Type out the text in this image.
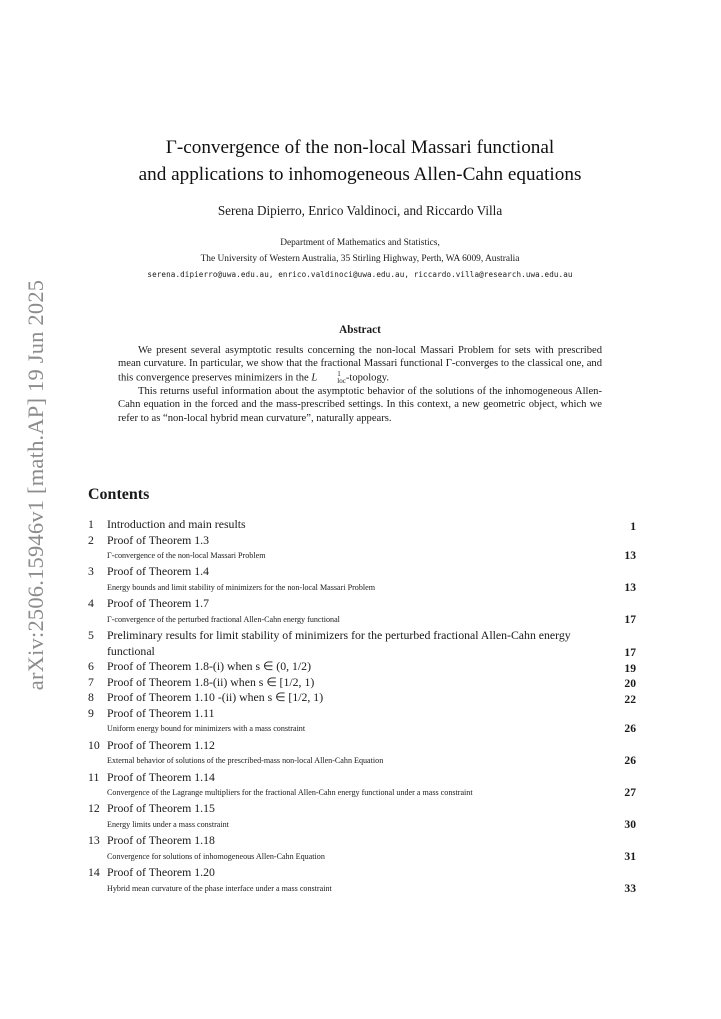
arXiv:2506.15946v1 [math.AP] 19 Jun 2025
Γ-convergence of the non-local Massari functional
and applications to inhomogeneous Allen-Cahn equations
Serena Dipierro, Enrico Valdinoci, and Riccardo Villa
Department of Mathematics and Statistics,
The University of Western Australia, 35 Stirling Highway, Perth, WA 6009, Australia
serena.dipierro@uwa.edu.au, enrico.valdinoci@uwa.edu.au, riccardo.villa@research.uwa.edu.au
Abstract

We present several asymptotic results concerning the non-local Massari Problem for sets with prescribed mean curvature. In particular, we show that the fractional Massari functional Γ-converges to the classical one, and this convergence preserves minimizers in the L	1
loc -topology.

This returns useful information about the asymptotic behavior of the solutions of the inhomogeneous Allen-Cahn equation in the forced and the mass-prescribed settings. In this context, a new geometric object, which we refer to as “non-local hybrid mean curvature”, naturally appears.

Contents
1	Introduction and main results	1
2	Proof of Theorem 1.3
Γ-convergence of the non-local Massari Problem	13
3	Proof of Theorem 1.4
Energy bounds and limit stability of minimizers for the non-local Massari Problem	13
4	Proof of Theorem 1.7
Γ-convergence of the perturbed fractional Allen-Cahn energy functional	17
5	Preliminary results for limit stability of minimizers for the perturbed fractional Allen-Cahn energy functional	17
6	Proof of Theorem 1.8-(i) when s ∈ (0, 1/2)	19
7	Proof of Theorem 1.8-(ii) when s ∈ [1/2, 1)	20
8	Proof of Theorem 1.10 -(ii) when s ∈ [1/2, 1)	22
9	Proof of Theorem 1.11
Uniform energy bound for minimizers with a mass constraint	26
10 Proof of Theorem 1.12
External behavior of solutions of the prescribed-mass non-local Allen-Cahn Equation	26
11 Proof of Theorem 1.14
Convergence of the Lagrange multipliers for the fractional Allen-Cahn energy functional under a mass constraint	27
12 Proof of Theorem 1.15
Energy limits under a mass constraint	30
13 Proof of Theorem 1.18
Convergence for solutions of inhomogeneous Allen-Cahn Equation	31
14 Proof of Theorem 1.20
Hybrid mean curvature of the phase interface under a mass constraint	33
